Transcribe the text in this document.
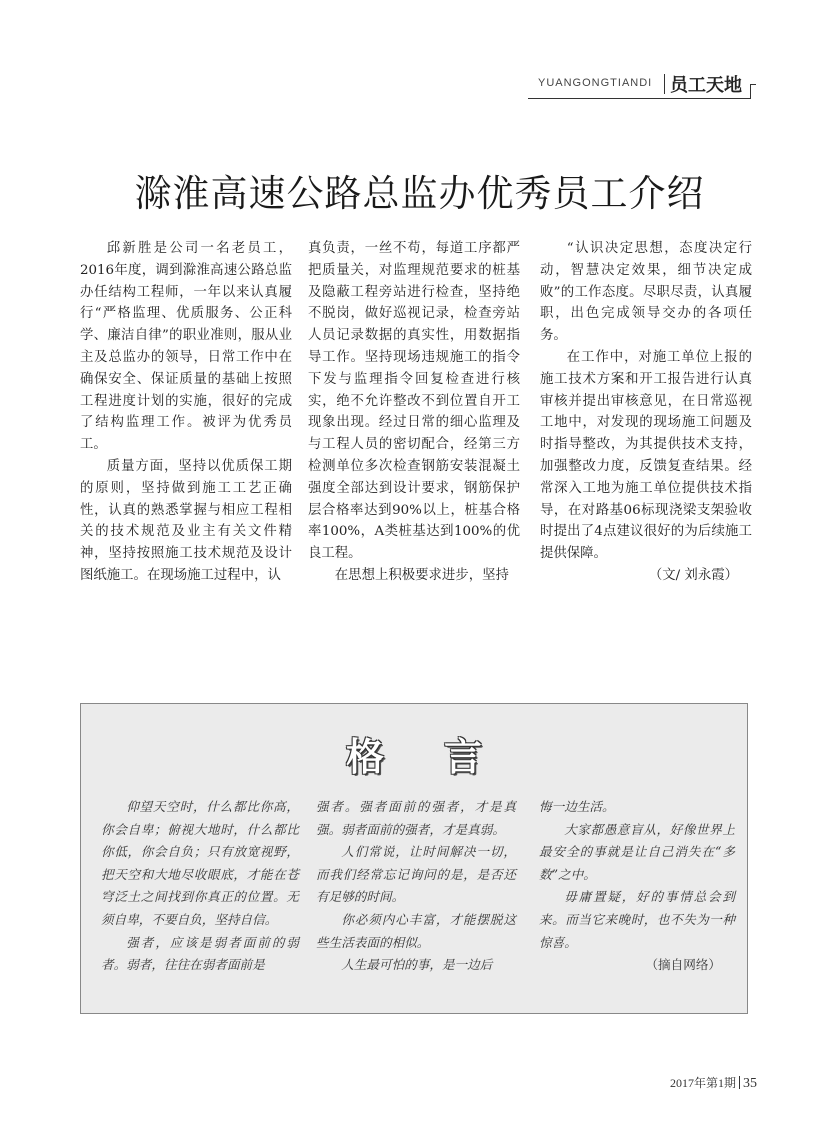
YUANGONGTIANDI 员工天地
滁淮高速公路总监办优秀员工介绍

邱新胜是公司一名老员工，2016年度，调到滁淮高速公路总监办任结构工程师，一年以来认真履行“严格监理、优质服务、公正科学、廉洁自律”的职业准则，服从业主及总监办的领导，日常工作中在确保安全、保证质量的基础上按照工程进度计划的实施，很好的完成了结构监理工作。被评为优秀员工。

质量方面，坚持以优质保工期的原则，坚持做到施工工艺正确性，认真的熟悉掌握与相应工程相关的技术规范及业主有关文件精神，坚持按照施工技术规范及设计图纸施工。在现场施工过程中，认

真负责，一丝不苟，每道工序都严把质量关，对监理规范要求的桩基及隐蔽工程旁站进行检查，坚持绝不脱岗，做好巡视记录，检查旁站人员记录数据的真实性，用数据指导工作。坚持现场违规施工的指令下发与监理指令回复检查进行核实，绝不允许整改不到位置自开工现象出现。经过日常的细心监理及与工程人员的密切配合，经第三方检测单位多次检查钢筋安装混凝土强度全部达到设计要求，钢筋保护层合格率达到90%以上，桩基合格率100%，A类桩基达到100%的优良工程。

在思想上积极要求进步，坚持

“认识决定思想，态度决定行动，智慧决定效果，细节决定成败”的工作态度。尽职尽责，认真履职，出色完成领导交办的各项任务。

在工作中，对施工单位上报的施工技术方案和开工报告进行认真审核并提出审核意见，在日常巡视工地中，对发现的现场施工问题及时指导整改，为其提供技术支持，加强整改力度，反馈复查结果。经常深入工地为施工单位提供技术指导，在对路基06标现浇梁支架验收时提出了4点建议很好的为后续施工提供保障。

（文/ 刘永霞）
格言

仰望天空时，什么都比你高，你会自卑；俯视大地时，什么都比你低，你会自负；只有放宽视野，把天空和大地尽收眼底，才能在苍穹泛土之间找到你真正的位置。无须自卑，不要自负，坚持自信。

强者，应该是弱者面前的弱者。弱者，往往在弱者面前是

强者。强者面前的强者，才是真强。弱者面前的强者，才是真弱。

人们常说，让时间解决一切，而我们经常忘记询问的是，是否还有足够的时间。

你必须内心丰富，才能摆脱这些生活表面的相似。

人生最可怕的事，是一边后

悔一边生活。

大家都愚意盲从，好像世界上最安全的事就是让自己消失在“多数”之中。

毋庸置疑，好的事情总会到来。而当它来晚时，也不失为一种惊喜。

（摘自网络）
2017年第1期 35
